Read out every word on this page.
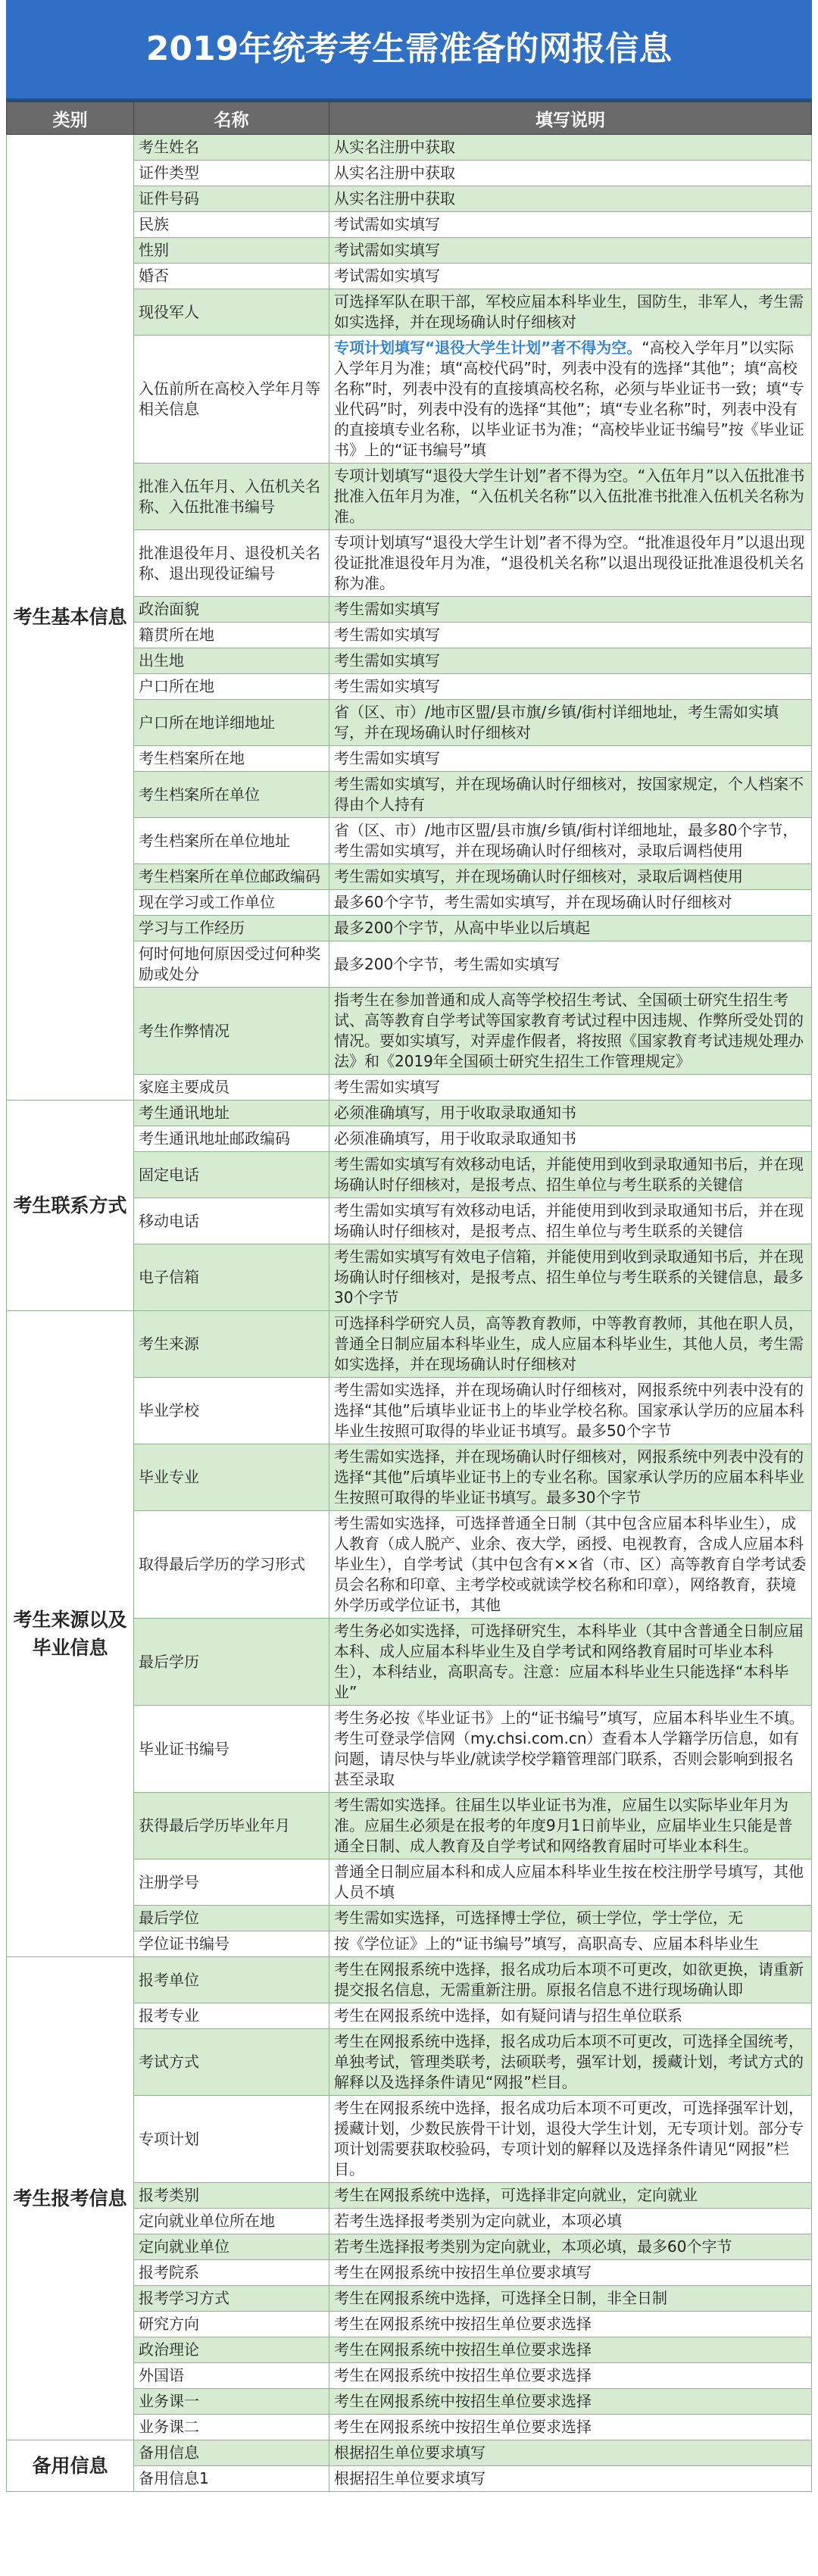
2019年统考考生需准备的网报信息
类别	名称	填写说明
考生基本信息	考生姓名	从实名注册中获取
	证件类型	从实名注册中获取
	证件号码	从实名注册中获取
	民族	考试需如实填写
	性别	考试需如实填写
	婚否	考试需如实填写
	现役军人	可选择军队在职干部，军校应届本科毕业生，国防生，非军人，考生需如实选择，并在现场确认时仔细核对
	入伍前所在高校入学年月等相关信息	专项计划填写“退役大学生计划”者不得为空。“高校入学年月”以实际入学年月为准；填“高校代码”时，列表中没有的选择“其他”；填“高校名称”时，列表中没有的直接填高校名称，必须与毕业证书一致；填“专业代码”时，列表中没有的选择“其他”；填“专业名称”时，列表中没有的直接填专业名称，以毕业证书为准；“高校毕业证书编号”按《毕业证书》上的“证书编号”填
	批准入伍年月、入伍机关名称、入伍批准书编号	专项计划填写“退役大学生计划”者不得为空。“入伍年月”以入伍批准书批准入伍年月为准，“入伍机关名称”以入伍批准书批准入伍机关名称为准。
	批准退役年月、退役机关名称、退出现役证编号	专项计划填写“退役大学生计划”者不得为空。“批准退役年月”以退出现役证批准退役年月为准，“退役机关名称”以退出现役证批准退役机关名称为准。
	政治面貌	考生需如实填写
	籍贯所在地	考生需如实填写
	出生地	考生需如实填写
	户口所在地	考生需如实填写
	户口所在地详细地址	省（区、市）/地市区盟/县市旗/乡镇/街村详细地址，考生需如实填写，并在现场确认时仔细核对
	考生档案所在地	考生需如实填写
	考生档案所在单位	考生需如实填写，并在现场确认时仔细核对，按国家规定，个人档案不得由个人持有
	考生档案所在单位地址	省（区、市）/地市区盟/县市旗/乡镇/街村详细地址，最多80个字节，考生需如实填写，并在现场确认时仔细核对，录取后调档使用
	考生档案所在单位邮政编码	考生需如实填写，并在现场确认时仔细核对，录取后调档使用
	现在学习或工作单位	最多60个字节，考生需如实填写，并在现场确认时仔细核对
	学习与工作经历	最多200个字节，从高中毕业以后填起
	何时何地何原因受过何种奖励或处分	最多200个字节，考生需如实填写
	考生作弊情况	指考生在参加普通和成人高等学校招生考试、全国硕士研究生招生考试、高等教育自学考试等国家教育考试过程中因违规、作弊所受处罚的情况。要如实填写，对弄虚作假者，将按照《国家教育考试违规处理办法》和《2019年全国硕士研究生招生工作管理规定》
	家庭主要成员	考生需如实填写
考生联系方式	考生通讯地址	必须准确填写，用于收取录取通知书
	考生通讯地址邮政编码	必须准确填写，用于收取录取通知书
	固定电话	考生需如实填写有效移动电话，并能使用到收到录取通知书后，并在现场确认时仔细核对，是报考点、招生单位与考生联系的关键信
	移动电话	考生需如实填写有效移动电话，并能使用到收到录取通知书后，并在现场确认时仔细核对，是报考点、招生单位与考生联系的关键信
	电子信箱	考生需如实填写有效电子信箱，并能使用到收到录取通知书后，并在现场确认时仔细核对，是报考点、招生单位与考生联系的关键信息，最多30个字节
考生来源以及毕业信息	考生来源	可选择科学研究人员，高等教育教师，中等教育教师，其他在职人员，普通全日制应届本科毕业生，成人应届本科毕业生，其他人员，考生需如实选择，并在现场确认时仔细核对
	毕业学校	考生需如实选择，并在现场确认时仔细核对，网报系统中列表中没有的选择“其他”后填毕业证书上的毕业学校名称。国家承认学历的应届本科毕业生按照可取得的毕业证书填写。最多50个字节
	毕业专业	考生需如实选择，并在现场确认时仔细核对，网报系统中列表中没有的选择“其他”后填毕业证书上的专业名称。国家承认学历的应届本科毕业生按照可取得的毕业证书填写。最多30个字节
	取得最后学历的学习形式	考生需如实选择，可选择普通全日制（其中包含应届本科毕业生），成人教育（成人脱产、业余、夜大学，函授、电视教育，含成人应届本科毕业生），自学考试（其中包含有××省（市、区）高等教育自学考试委员会名称和印章、主考学校或就读学校名称和印章），网络教育，获境外学历或学位证书，其他
	最后学历	考生务必如实选择，可选择研究生，本科毕业（其中含普通全日制应届本科、成人应届本科毕业生及自学考试和网络教育届时可毕业本科生），本科结业，高职高专。注意：应届本科毕业生只能选择“本科毕业”
	毕业证书编号	考生务必按《毕业证书》上的“证书编号”填写，应届本科毕业生不填。考生可登录学信网（my.chsi.com.cn）查看本人学籍学历信息，如有问题，请尽快与毕业/就读学校学籍管理部门联系，否则会影响到报名甚至录取
	获得最后学历毕业年月	考生需如实选择。往届生以毕业证书为准，应届生以实际毕业年月为准。应届生必须是在报考的年度9月1日前毕业，应届毕业生只能是普通全日制、成人教育及自学考试和网络教育届时可毕业本科生。
	注册学号	普通全日制应届本科和成人应届本科毕业生按在校注册学号填写，其他人员不填
	最后学位	考生需如实选择，可选择博士学位，硕士学位，学士学位，无
	学位证书编号	按《学位证》上的“证书编号”填写，高职高专、应届本科毕业生
考生报考信息	报考单位	考生在网报系统中选择，报名成功后本项不可更改，如欲更换，请重新提交报名信息，无需重新注册。原报名信息不进行现场确认即
	报考专业	考生在网报系统中选择，如有疑问请与招生单位联系
	考试方式	考生在网报系统中选择，报名成功后本项不可更改，可选择全国统考，单独考试，管理类联考，法硕联考，强军计划，援藏计划，考试方式的解释以及选择条件请见“网报”栏目。
	专项计划	考生在网报系统中选择，报名成功后本项不可更改，可选择强军计划，援藏计划，少数民族骨干计划，退役大学生计划，无专项计划。部分专项计划需要获取校验码，专项计划的解释以及选择条件请见“网报”栏目。
	报考类别	考生在网报系统中选择，可选择非定向就业，定向就业
	定向就业单位所在地	若考生选择报考类别为定向就业，本项必填
	定向就业单位	若考生选择报考类别为定向就业，本项必填，最多60个字节
	报考院系	考生在网报系统中按招生单位要求填写
	报考学习方式	考生在网报系统中选择，可选择全日制，非全日制
	研究方向	考生在网报系统中按招生单位要求选择
	政治理论	考生在网报系统中按招生单位要求选择
	外国语	考生在网报系统中按招生单位要求选择
	业务课一	考生在网报系统中按招生单位要求选择
	业务课二	考生在网报系统中按招生单位要求选择
备用信息	备用信息	根据招生单位要求填写
	备用信息1	根据招生单位要求填写
